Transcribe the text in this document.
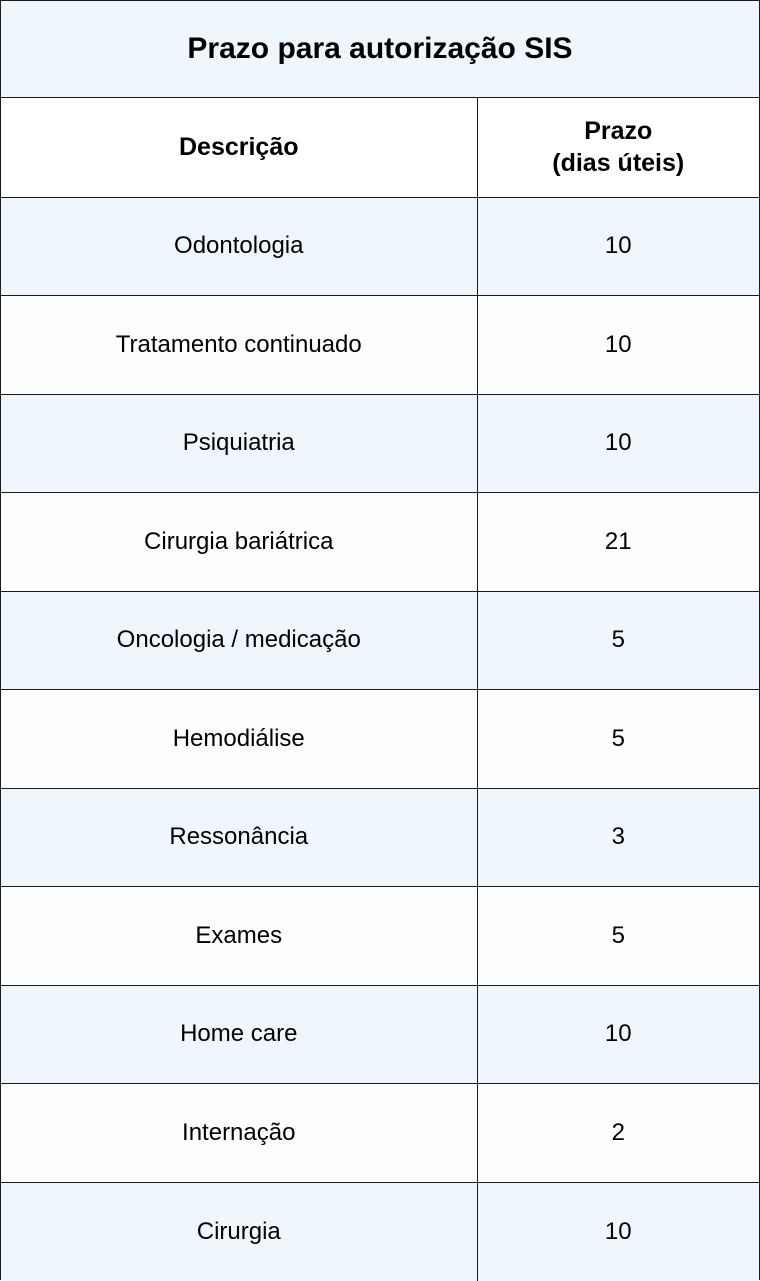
Prazo para autorização SIS
Descrição	Prazo
(dias úteis)

Odontologia	10
Tratamento continuado	10
Psiquiatria	10
Cirurgia bariátrica	21
Oncologia / medicação	5
Hemodiálise	5
Ressonância	3
Exames	5
Home care	10
Internação	2
Cirurgia	10
